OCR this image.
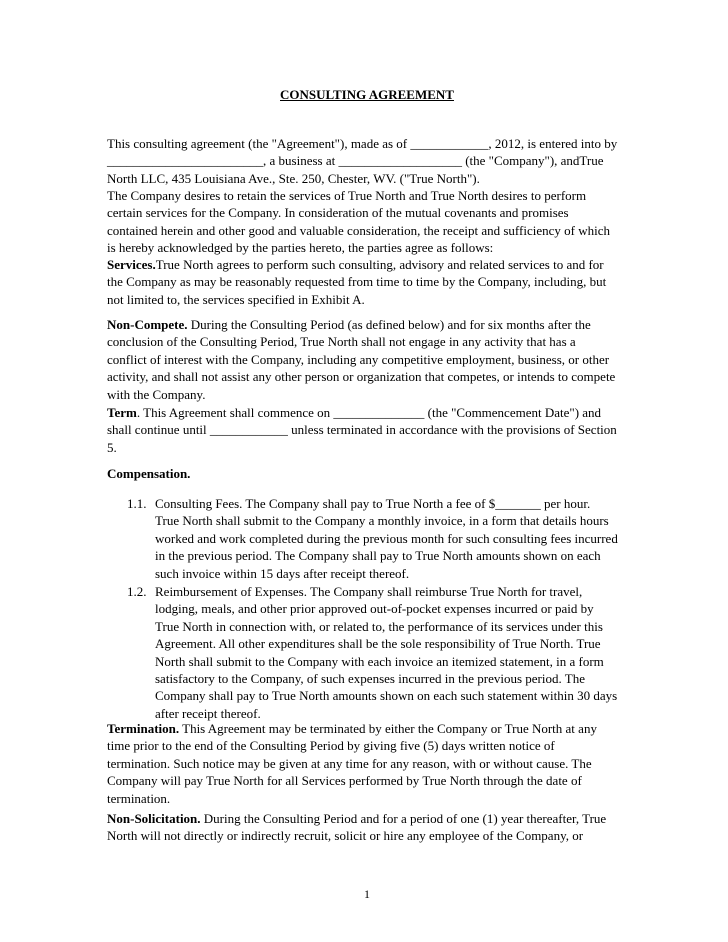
CONSULTING AGREEMENT
This consulting agreement (the "Agreement"), made as of ____________, 2012, is entered into by
________________________, a business at ___________________ (the "Company"), andTrue
North LLC, 435 Louisiana Ave., Ste. 250, Chester, WV. ("True North").
The Company desires to retain the services of True North and True North desires to perform
certain services for the Company. In consideration of the mutual covenants and promises
contained herein and other good and valuable consideration, the receipt and sufficiency of which
is hereby acknowledged by the parties hereto, the parties agree as follows:
Services.True North agrees to perform such consulting, advisory and related services to and for
the Company as may be reasonably requested from time to time by the Company, including, but
not limited to, the services specified in Exhibit A.
Non-Compete. During the Consulting Period (as defined below) and for six months after the
conclusion of the Consulting Period, True North shall not engage in any activity that has a
conflict of interest with the Company, including any competitive employment, business, or other
activity, and shall not assist any other person or organization that competes, or intends to compete
with the Company.
Term. This Agreement shall commence on ______________ (the "Commencement Date") and
shall continue until ____________ unless terminated in accordance with the provisions of Section
5.
Compensation.
1.1. Consulting Fees. The Company shall pay to True North a fee of $_______ per hour.
True North shall submit to the Company a monthly invoice, in a form that details hours
worked and work completed during the previous month for such consulting fees incurred
in the previous period. The Company shall pay to True North amounts shown on each
such invoice within 15 days after receipt thereof.
1.2. Reimbursement of Expenses. The Company shall reimburse True North for travel,
lodging, meals, and other prior approved out-of-pocket expenses incurred or paid by
True North in connection with, or related to, the performance of its services under this
Agreement. All other expenditures shall be the sole responsibility of True North. True
North shall submit to the Company with each invoice an itemized statement, in a form
satisfactory to the Company, of such expenses incurred in the previous period. The
Company shall pay to True North amounts shown on each such statement within 30 days
after receipt thereof.
Termination. This Agreement may be terminated by either the Company or True North at any
time prior to the end of the Consulting Period by giving five (5) days written notice of
termination. Such notice may be given at any time for any reason, with or without cause. The
Company will pay True North for all Services performed by True North through the date of
termination.
Non-Solicitation. During the Consulting Period and for a period of one (1) year thereafter, True
North will not directly or indirectly recruit, solicit or hire any employee of the Company, or
1
